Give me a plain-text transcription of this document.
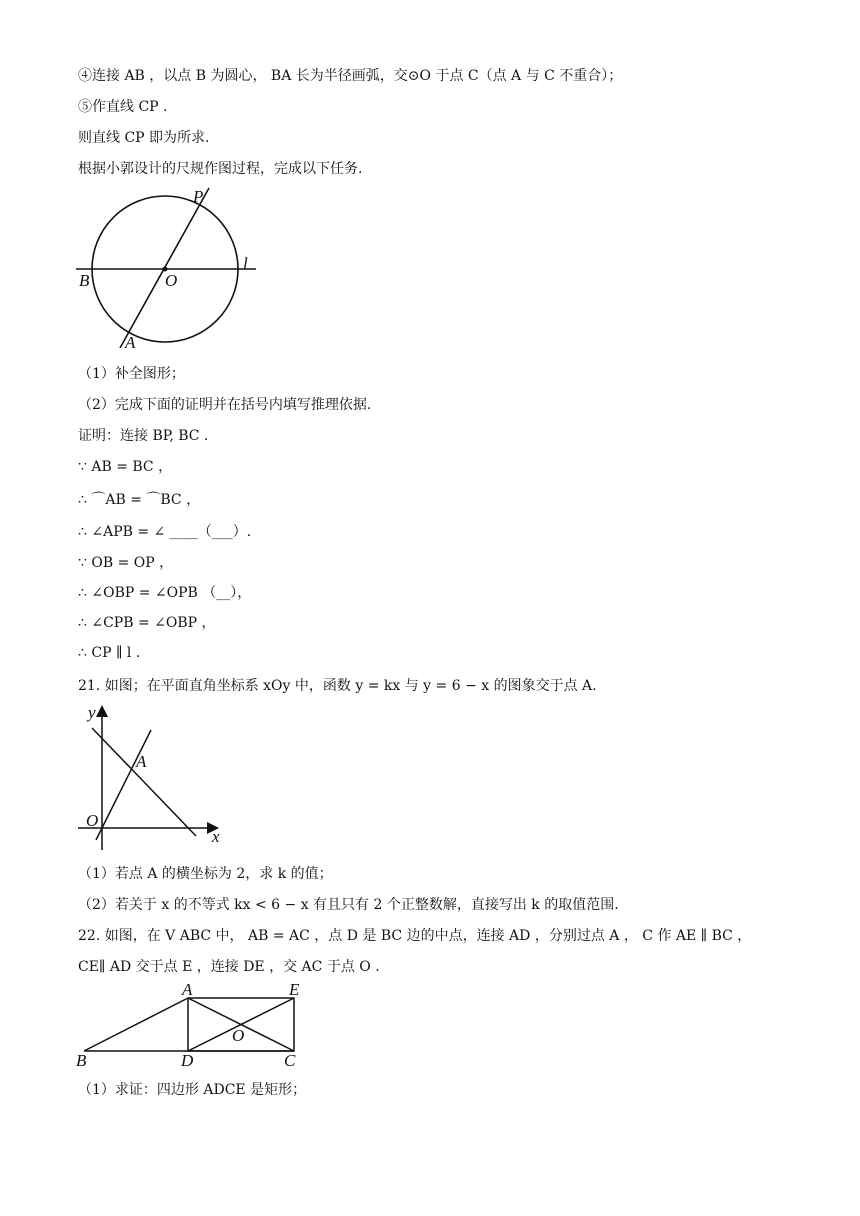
④连接 AB ，以点 B 为圆心， BA 长为半径画弧，交⊙O 于点 C（点 A 与 C 不重合）；
⑤作直线 CP .
则直线 CP 即为所求.
根据小郭设计的尺规作图过程，完成以下任务.
P
B	O
l
A
（1）补全图形；
（2）完成下面的证明并在括号内填写推理依据.
证明：连接 BP, BC .
∵ AB = BC ，
∴ ⌒AB = ⌒BC ，
∴ ∠APB = ∠ ____（___）.
∵ OB = OP ，
∴ ∠OBP = ∠OPB （__），
∴ ∠CPB = ∠OBP ，
∴ CP ∥ l .
21. 如图；在平面直角坐标系 xOy 中，函数 y = kx 与 y = 6 − x 的图象交于点 A.
y
A
O
x
（1）若点 A 的横坐标为 2，求 k 的值；
（2）若关于 x 的不等式 kx < 6 − x 有且只有 2 个正整数解，直接写出 k 的取值范围.
22. 如图，在 V ABC 中， AB = AC ，点 D 是 BC 边的中点，连接 AD ，分别过点 A ， C 作 AE ∥ BC ，
CE∥ AD 交于点 E ，连接 DE ，交 AC 于点 O .
A	E
O
B	D	C
（1）求证：四边形 ADCE 是矩形；
